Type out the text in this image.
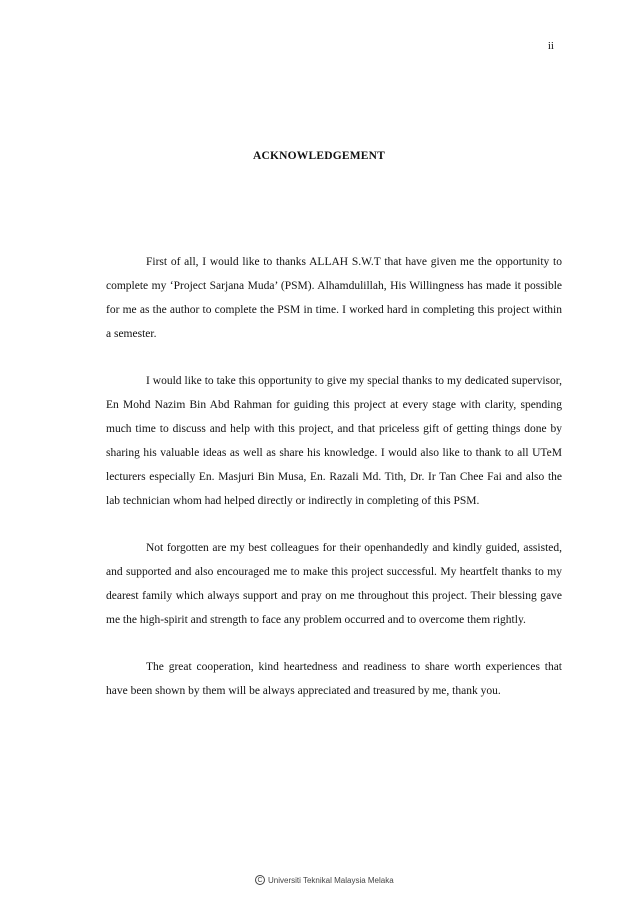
ii
ACKNOWLEDGEMENT

First of all, I would like to thanks ALLAH S.W.T that have given me the opportunity to complete my ‘Project Sarjana Muda’ (PSM). Alhamdulillah, His Willingness has made it possible for me as the author to complete the PSM in time. I worked hard in completing this project within a semester.

I would like to take this opportunity to give my special thanks to my dedicated supervisor, En Mohd Nazim Bin Abd Rahman for guiding this project at every stage with clarity, spending much time to discuss and help with this project, and that priceless gift of getting things done by sharing his valuable ideas as well as share his knowledge. I would also like to thank to all UTeM lecturers especially En. Masjuri Bin Musa, En. Razali Md. Tith, Dr. Ir Tan Chee Fai and also the lab technician whom had helped directly or indirectly in completing of this PSM.

Not forgotten are my best colleagues for their openhandedly and kindly guided, assisted, and supported and also encouraged me to make this project successful. My heartfelt thanks to my dearest family which always support and pray on me throughout this project. Their blessing gave me the high-spirit and strength to face any problem occurred and to overcome them rightly.

The great cooperation, kind heartedness and readiness to share worth experiences that have been shown by them will be always appreciated and treasured by me, thank you.

C Universiti Teknikal Malaysia Melaka
